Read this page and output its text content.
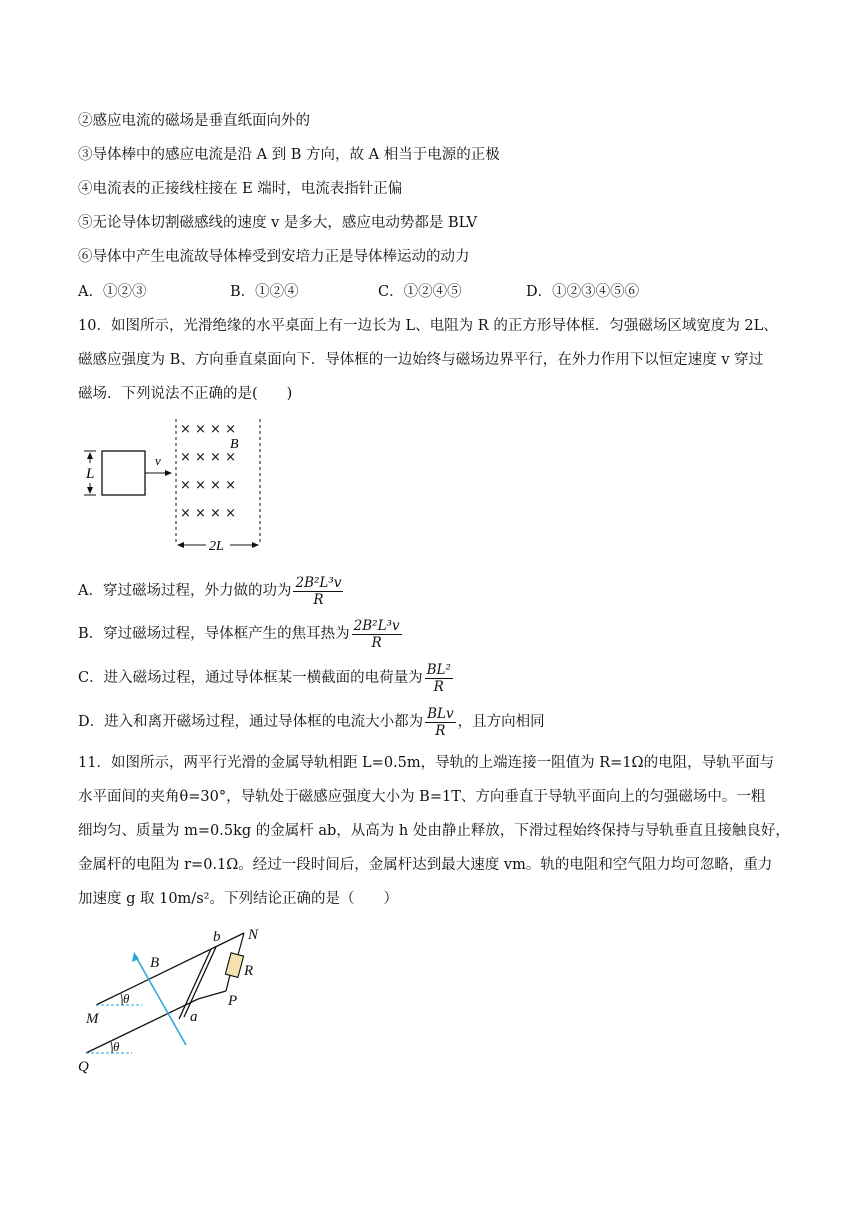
②感应电流的磁场是垂直纸面向外的
③导体棒中的感应电流是沿 A 到 B 方向，故 A 相当于电源的正极
④电流表的正接线柱接在 E 端时，电流表指针正偏
⑤无论导体切割磁感线的速度 v 是多大，感应电动势都是 BLV
⑥导体中产生电流故导体棒受到安培力正是导体棒运动的动力
A．①②③	B．①②④	C．①②④⑤	D．①②③④⑤⑥
10．如图所示，光滑绝缘的水平桌面上有一边长为 L、电阻为 R 的正方形导体框．匀强磁场区域宽度为 2L、
磁感应强度为 B、方向垂直桌面向下．导体框的一边始终与磁场边界平行，在外力作用下以恒定速度 v 穿过
磁场．下列说法不正确的是(　　)
L
v
× × × ×
× × × ×
× × × ×
× × × ×
B
2L
A．穿过磁场过程，外力做的功为 $\frac{\text{2B²L³v}}{R}$
B．穿过磁场过程，导体框产生的焦耳热为 $\frac{\text{2B²L³v}}{R}$
C．进入磁场过程，通过导体框某一横截面的电荷量为 $\frac{\text{BL²}}{R}$
D．进入和离开磁场过程，通过导体框的电流大小都为 $\frac{\text{BLv}}{R}$ ，且方向相同
11．如图所示，两平行光滑的金属导轨相距 L=0.5m，导轨的上端连接一阻值为 R=1Ω的电阻，导轨平面与
水平面间的夹角θ=30°，导轨处于磁感应强度大小为 B=1T、方向垂直于导轨平面向上的匀强磁场中。一粗
细均匀、质量为 m=0.5kg 的金属杆 ab，从高为 h 处由静止释放，下滑过程始终保持与导轨垂直且接触良好，
金属杆的电阻为 r=0.1Ω。经过一段时间后，金属杆达到最大速度 vm。轨的电阻和空气阻力均可忽略，重力
加速度 g 取 10m/s²。下列结论正确的是（　　）
B
b N
R
P
M	a
Q
θ
θ
